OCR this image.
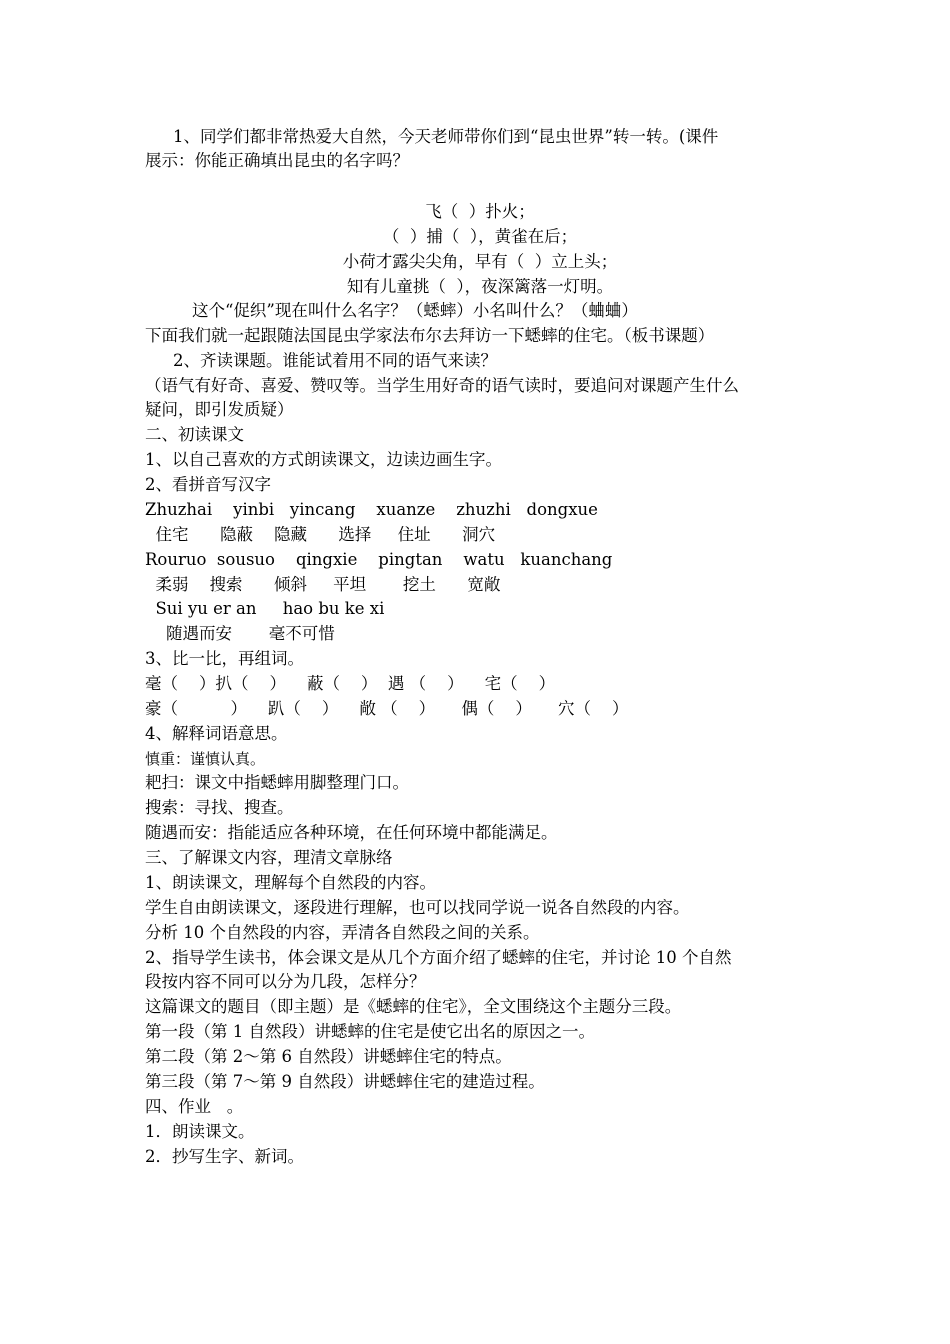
1、同学们都非常热爱大自然，今天老师带你们到“昆虫世界”转一转。(课件
展示：你能正确填出昆虫的名字吗？
飞（  ）扑火；
（  ）捕（  ），黄雀在后；
小荷才露尖尖角，早有（  ）立上头；
知有儿童挑（  ），夜深篱落一灯明。
这个“促织”现在叫什么名字？（蟋蟀）小名叫什么？（蛐蛐）
下面我们就一起跟随法国昆虫学家法布尔去拜访一下蟋蟀的住宅。（板书课题）
2、齐读课题。谁能试着用不同的语气来读？
（语气有好奇、喜爱、赞叹等。当学生用好奇的语气读时，要追问对课题产生什么
疑问，即引发质疑）
二、初读课文
1、以自己喜欢的方式朗读课文，边读边画生字。
2、看拼音写汉字
Zhuzhai    yinbi   yincang    xuanze    zhuzhi   dongxue
住宅      隐蔽    隐藏      选择     住址      洞穴
Rouruo  sousuo    qingxie    pingtan    watu   kuanchang
柔弱    搜索      倾斜     平坦       挖土      宽敞
Sui yu er an     hao bu ke xi
随遇而安       毫不可惜
3、比一比，再组词。
毫（    ）扒（    ）    蔽（    ）  遇 （    ）    宅（    ）
豪（          ）    趴（    ）    敞 （    ）     偶（    ）     穴（    ）
4、解释词语意思。
慎重：谨慎认真。
耙扫：课文中指蟋蟀用脚整理门口。
搜索：寻找、搜查。
随遇而安：指能适应各种环境，在任何环境中都能满足。
三、了解课文内容，理清文章脉络
1、朗读课文，理解每个自然段的内容。
学生自由朗读课文，逐段进行理解，也可以找同学说一说各自然段的内容。
分析 10 个自然段的内容，弄清各自然段之间的关系。
2、指导学生读书，体会课文是从几个方面介绍了蟋蟀的住宅，并讨论 10 个自然
段按内容不同可以分为几段，怎样分？
这篇课文的题目（即主题）是《蟋蟀的住宅》，全文围绕这个主题分三段。
第一段（第 1 自然段）讲蟋蟀的住宅是使它出名的原因之一。
第二段（第 2～第 6 自然段）讲蟋蟀住宅的特点。
第三段（第 7～第 9 自然段）讲蟋蟀住宅的建造过程。
四、作业   。
1．朗读课文。
2．抄写生字、新词。
